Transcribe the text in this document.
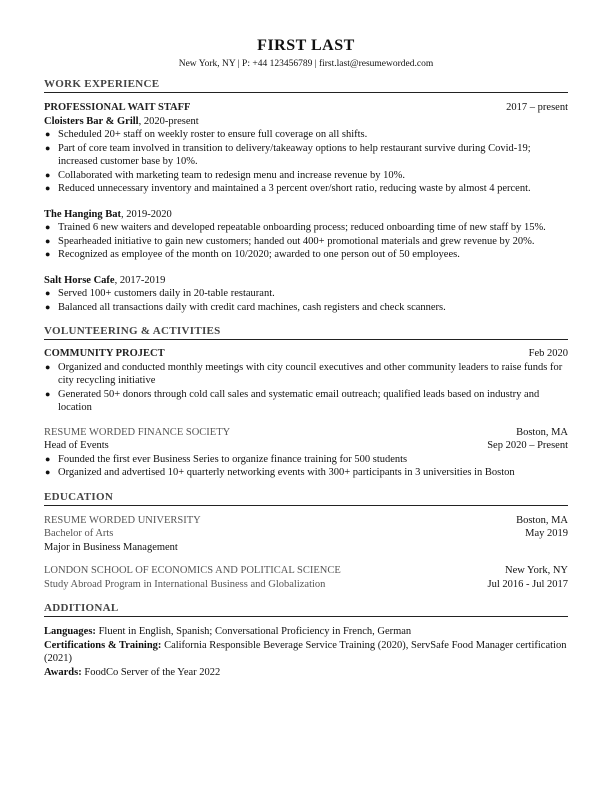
FIRST LAST
New York, NY | P: +44 123456789 | first.last@resumeworded.com
WORK EXPERIENCE
PROFESSIONAL WAIT STAFF	2017 – present
Cloisters Bar & Grill, 2020-present
● Scheduled 20+ staff on weekly roster to ensure full coverage on all shifts.
● Part of core team involved in transition to delivery/takeaway options to help restaurant survive during Covid-19; increased customer base by 10%.
● Collaborated with marketing team to redesign menu and increase revenue by 10%.
● Reduced unnecessary inventory and maintained a 3 percent over/short ratio, reducing waste by almost 4 percent.
The Hanging Bat, 2019-2020
● Trained 6 new waiters and developed repeatable onboarding process; reduced onboarding time of new staff by 15%.
● Spearheaded initiative to gain new customers; handed out 400+ promotional materials and grew revenue by 20%.
● Recognized as employee of the month on 10/2020; awarded to one person out of 50 employees.
Salt Horse Cafe, 2017-2019
● Served 100+ customers daily in 20-table restaurant.
● Balanced all transactions daily with credit card machines, cash registers and check scanners.
VOLUNTEERING & ACTIVITIES
COMMUNITY PROJECT	Feb 2020
● Organized and conducted monthly meetings with city council executives and other community leaders to raise funds for city recycling initiative
● Generated 50+ donors through cold call sales and systematic email outreach; qualified leads based on industry and location
RESUME WORDED FINANCE SOCIETY	Boston, MA
Head of Events	Sep 2020 – Present
● Founded the first ever Business Series to organize finance training for 500 students
● Organized and advertised 10+ quarterly networking events with 300+ participants in 3 universities in Boston
EDUCATION
RESUME WORDED UNIVERSITY	Boston, MA
Bachelor of Arts	May 2019
Major in Business Management
LONDON SCHOOL OF ECONOMICS AND POLITICAL SCIENCE	New York, NY
Study Abroad Program in International Business and Globalization	Jul 2016 - Jul 2017
ADDITIONAL
Languages: Fluent in English, Spanish; Conversational Proficiency in French, German
Certifications & Training: California Responsible Beverage Service Training (2020), ServSafe Food Manager certification (2021)
Awards: FoodCo Server of the Year 2022
